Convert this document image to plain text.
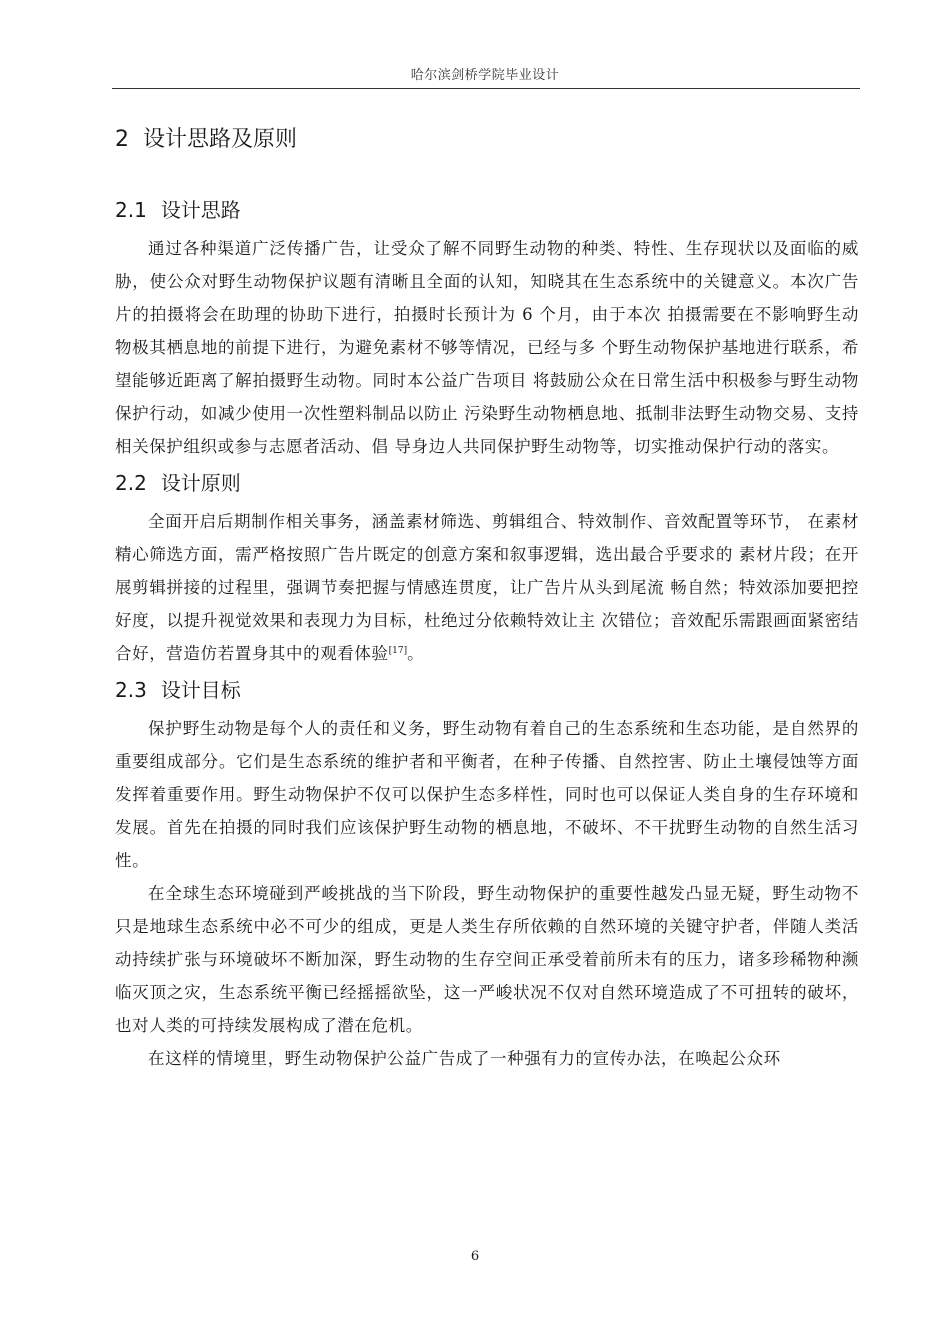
哈尔滨剑桥学院毕业设计
2 设计思路及原则
2.1 设计思路

通过各种渠道广泛传播广告，让受众了解不同野生动物的种类、特性、生存现状以及面临的威胁，使公众对野生动物保护议题有清晰且全面的认知，知晓其在生态系统中的关键意义。本次广告片的拍摄将会在助理的协助下进行，拍摄时长预计为 6 个月，由于本次 拍摄需要在不影响野生动物极其栖息地的前提下进行，为避免素材不够等情况，已经与多 个野生动物保护基地进行联系，希望能够近距离了解拍摄野生动物。同时本公益广告项目 将鼓励公众在日常生活中积极参与野生动物保护行动，如减少使用一次性塑料制品以防止 污染野生动物栖息地、抵制非法野生动物交易、支持相关保护组织或参与志愿者活动、倡 导身边人共同保护野生动物等，切实推动保护行动的落实。

2.2 设计原则

全面开启后期制作相关事务，涵盖素材筛选、剪辑组合、特效制作、音效配置等环节， 在素材精心筛选方面，需严格按照广告片既定的创意方案和叙事逻辑，选出最合乎要求的 素材片段；在开展剪辑拼接的过程里，强调节奏把握与情感连贯度，让广告片从头到尾流 畅自然；特效添加要把控好度，以提升视觉效果和表现力为目标，杜绝过分依赖特效让主 次错位；音效配乐需跟画面紧密结合好，营造仿若置身其中的观看体验[17]。

2.3 设计目标

保护野生动物是每个人的责任和义务，野生动物有着自己的生态系统和生态功能，是自然界的重要组成部分。它们是生态系统的维护者和平衡者，在种子传播、自然控害、防止土壤侵蚀等方面发挥着重要作用。野生动物保护不仅可以保护生态多样性，同时也可以保证人类自身的生存环境和发展。首先在拍摄的同时我们应该保护野生动物的栖息地，不破坏、不干扰野生动物的自然生活习性。

在全球生态环境碰到严峻挑战的当下阶段，野生动物保护的重要性越发凸显无疑，野生动物不只是地球生态系统中必不可少的组成，更是人类生存所依赖的自然环境的关键守护者，伴随人类活动持续扩张与环境破坏不断加深，野生动物的生存空间正承受着前所未有的压力，诸多珍稀物种濒临灭顶之灾，生态系统平衡已经摇摇欲坠，这一严峻状况不仅对自然环境造成了不可扭转的破坏，也对人类的可持续发展构成了潜在危机。

在这样的情境里，野生动物保护公益广告成了一种强有力的宣传办法，在唤起公众环

6
